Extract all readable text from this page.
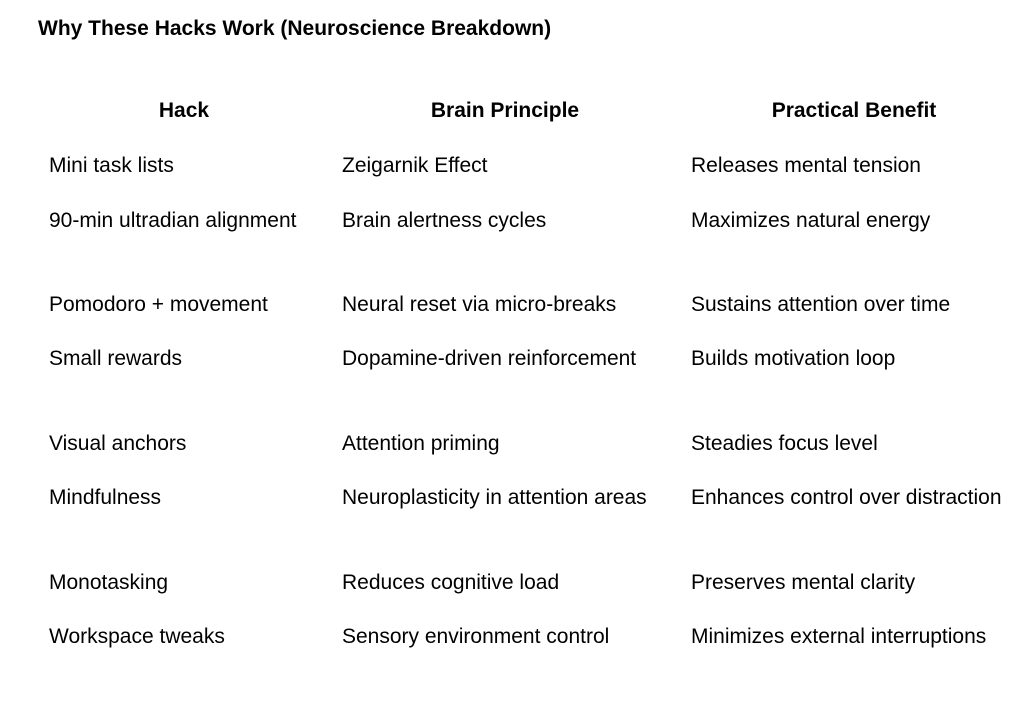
Why These Hacks Work (Neuroscience Breakdown)
Hack	Brain Principle	Practical Benefit
Mini task lists	Zeigarnik Effect	Releases mental tension
90-min ultradian alignment	Brain alertness cycles	Maximizes natural energy
Pomodoro + movement	Neural reset via micro-breaks	Sustains attention over time
Small rewards	Dopamine-driven reinforcement	Builds motivation loop
Visual anchors	Attention priming	Steadies focus level
Mindfulness	Neuroplasticity in attention areas	Enhances control over distraction
Monotasking	Reduces cognitive load	Preserves mental clarity
Workspace tweaks	Sensory environment control	Minimizes external interruptions
